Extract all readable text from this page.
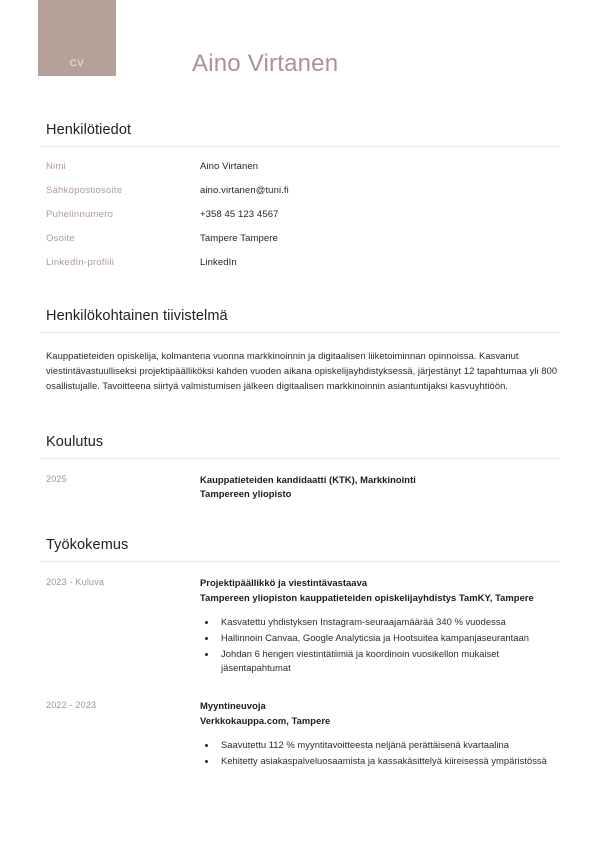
CV	Aino Virtanen
Henkilötiedot
Nimi	Aino Virtanen
Sähköpostiosoite	aino.virtanen@tuni.fi
Puhelinnumero	+358 45 123 4567
Osoite	Tampere Tampere
LinkedIn-profiili	LinkedIn
Henkilökohtainen tiivistelmä

Kauppatieteiden opiskelija, kolmantena vuonna markkinoinnin ja digitaalisen liiketoiminnan opinnoissa. Kasvanut viestintävastuulliseksi projektipäälliköksi kahden vuoden aikana opiskelijayhdistyksessä, järjestänyt 12 tapahtumaa yli 800 osallistujalle. Tavoitteena siirtyä valmistumisen jälkeen digitaalisen markkinoinnin asiantuntijaksi kasvuyhtiöön.

Koulutus
2025	Kauppatieteiden kandidaatti (KTK), Markkinointi
Tampereen yliopisto
Työkokemus
2023 - Kuluva	Projektipäällikkö ja viestintävastaava
Tampereen yliopiston kauppatieteiden opiskelijayhdistys TamKY, Tampere
• Kasvatettu yhdistyksen Instagram-seuraajamäärää 340 % vuodessa
• Hallinnoin Canvaa, Google Analyticsia ja Hootsuitea kampanjaseurantaan
• Johdan 6 hengen viestintätiimiä ja koordinoin vuosikellon mukaiset jäsentapahtumat
2022 - 2023	Myyntineuvoja
Verkkokauppa.com, Tampere
• Saavutettu 112 % myyntitavoitteesta neljänä perättäisenä kvartaalina
• Kehitetty asiakaspalveluosaamista ja kassakäsittelyä kiireisessä ympäristössä
